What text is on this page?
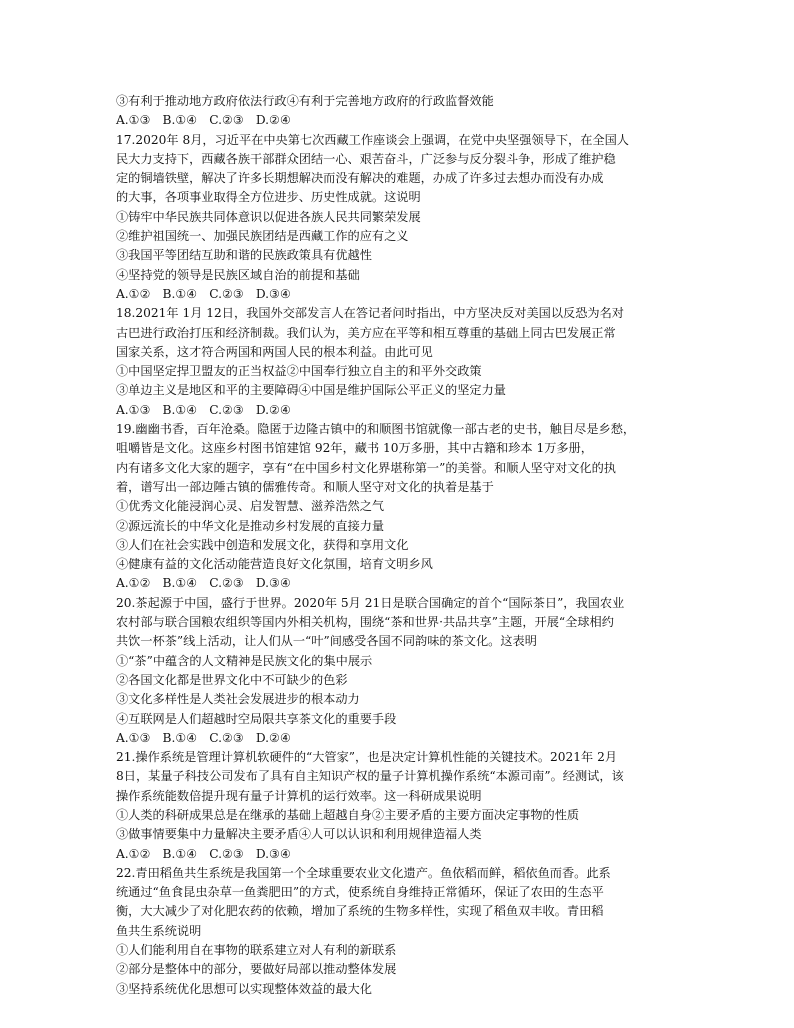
③有利于推动地方政府依法行政④有利于完善地方政府的行政监督效能
A.①③ B.①④ C.②③ D.②④
17.2020年 8月，习近平在中央第七次西藏工作座谈会上强调，在党中央坚强领导下，在全国人
民大力支持下，西藏各族干部群众团结一心、艰苦奋斗，广泛参与反分裂斗争，形成了维护稳
定的铜墙铁壁，解决了许多长期想解决而没有解决的难题，办成了许多过去想办而没有办成
的大事，各项事业取得全方位进步、历史性成就。这说明
①铸牢中华民族共同体意识以促进各族人民共同繁荣发展
②维护祖国统一、加强民族团结是西藏工作的应有之义
③我国平等团结互助和谐的民族政策具有优越性
④坚持党的领导是民族区域自治的前提和基础
A.①② B.①④ C.②③ D.③④
18.2021年 1月 12日，我国外交部发言人在答记者问时指出，中方坚决反对美国以反恐为名对
古巴进行政治打压和经济制裁。我们认为，美方应在平等和相互尊重的基础上同古巴发展正常
国家关系，这才符合两国和两国人民的根本利益。由此可见
①中国坚定捍卫盟友的正当权益②中国奉行独立自主的和平外交政策
③单边主义是地区和平的主要障碍④中国是维护国际公平正义的坚定力量
A.①③ B.①④ C.②③ D.②④
19.幽幽书香，百年沧桑。隐匿于边隆古镇中的和顺图书馆就像一部古老的史书，触目尽是乡愁，
咀嚼皆是文化。这座乡村图书馆建馆 92年，藏书 10万多册，其中古籍和珍本 1万多册，
内有诸多文化大家的题字，享有“在中国乡村文化界堪称第一”的美誉。和顺人坚守对文化的执
着，谱写出一部边陲古镇的儒雅传奇。和顺人坚守对文化的执着是基于
①优秀文化能浸润心灵、启发智慧、滋养浩然之气
②源远流长的中华文化是推动乡村发展的直接力量
③人们在社会实践中创造和发展文化，获得和享用文化
④健康有益的文化活动能营造良好文化氛围，培育文明乡风
A.①② B.①④ C.②③ D.③④
20.茶起源于中国，盛行于世界。2020年 5月 21日是联合国确定的首个“国际茶日”，我国农业
农村部与联合国粮农组织等国内外相关机构，围绕“茶和世界·共品共享”主题，开展“全球相约
共饮一杯茶”线上活动，让人们从一“叶”间感受各国不同韵味的茶文化。这表明
①“茶”中蕴含的人文精神是民族文化的集中展示
②各国文化都是世界文化中不可缺少的色彩
③文化多样性是人类社会发展进步的根本动力
④互联网是人们超越时空局限共享茶文化的重要手段
A.①③ B.①④ C.②③ D.②④
21.操作系统是管理计算机软硬件的“大管家”，也是决定计算机性能的关键技术。2021年 2月
8日，某量子科技公司发布了具有自主知识产权的量子计算机操作系统“本源司南”。经测试，该
操作系统能数倍提升现有量子计算机的运行效率。这一科研成果说明
①人类的科研成果总是在继承的基础上超越自身②主要矛盾的主要方面决定事物的性质
③做事情要集中力量解决主要矛盾④人可以认识和利用规律造福人类
A.①② B.①④ C.②③ D.③④
22.青田稻鱼共生系统是我国第一个全球重要农业文化遗产。鱼依稻而鲜，稻依鱼而香。此系
统通过“鱼食昆虫杂草一鱼粪肥田”的方式，使系统自身维持正常循环，保证了农田的生态平
衡，大大减少了对化肥农药的依赖，增加了系统的生物多样性，实现了稻鱼双丰收。青田稻
鱼共生系统说明
①人们能利用自在事物的联系建立对人有利的新联系
②部分是整体中的部分，要做好局部以推动整体发展
③坚持系统优化思想可以实现整体效益的最大化
